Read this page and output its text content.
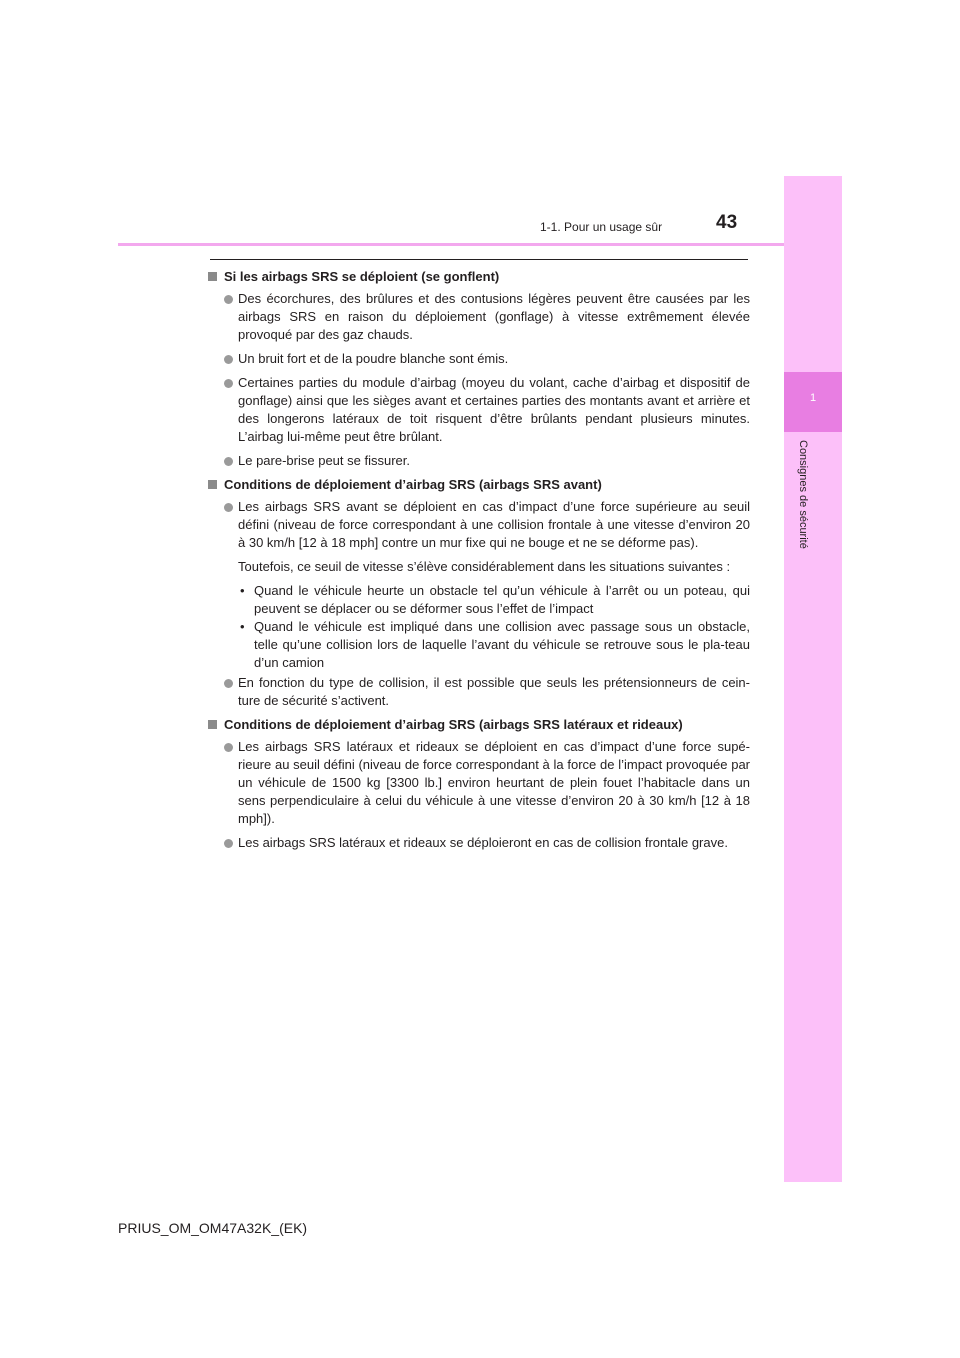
1
Consignes de sécurité
1-1. Pour un usage sûr	43
Si les airbags SRS se déploient (se gonflent)
Des écorchures, des brûlures et des contusions légères peuvent être causées par les airbags SRS en raison du déploiement (gonflage) à vitesse extrêmement élevée provoqué par des gaz chauds.
Un bruit fort et de la poudre blanche sont émis.
Certaines parties du module d’airbag (moyeu du volant, cache d’airbag et dispositif de gonflage) ainsi que les sièges avant et certaines parties des montants avant et arrière et des longerons latéraux de toit risquent d’être brûlants pendant plusieurs minutes. L’airbag lui-même peut être brûlant.
Le pare-brise peut se fissurer.
Conditions de déploiement d’airbag SRS (airbags SRS avant)
Les airbags SRS avant se déploient en cas d’impact d’une force supérieure au seuil défini (niveau de force correspondant à une collision frontale à une vitesse d’environ 20 à 30 km/h [12 à 18 mph] contre un mur fixe qui ne bouge et ne se déforme pas).
Toutefois, ce seuil de vitesse s’élève considérablement dans les situations suivantes :
• Quand le véhicule heurte un obstacle tel qu’un véhicule à l’arrêt ou un poteau, qui peuvent se déplacer ou se déformer sous l’effet de l’impact
• Quand le véhicule est impliqué dans une collision avec passage sous un obstacle, telle qu’une collision lors de laquelle l’avant du véhicule se retrouve sous le pla-teau d’un camion
En fonction du type de collision, il est possible que seuls les prétensionneurs de cein-ture de sécurité s’activent.
Conditions de déploiement d’airbag SRS (airbags SRS latéraux et rideaux)
Les airbags SRS latéraux et rideaux se déploient en cas d’impact d’une force supé-rieure au seuil défini (niveau de force correspondant à la force de l’impact provoquée par un véhicule de 1500 kg [3300 lb.] environ heurtant de plein fouet l’habitacle dans un sens perpendiculaire à celui du véhicule à une vitesse d’environ 20 à 30 km/h [12 à 18 mph]).
Les airbags SRS latéraux et rideaux se déploieront en cas de collision frontale grave.
PRIUS_OM_OM47A32K_(EK)
